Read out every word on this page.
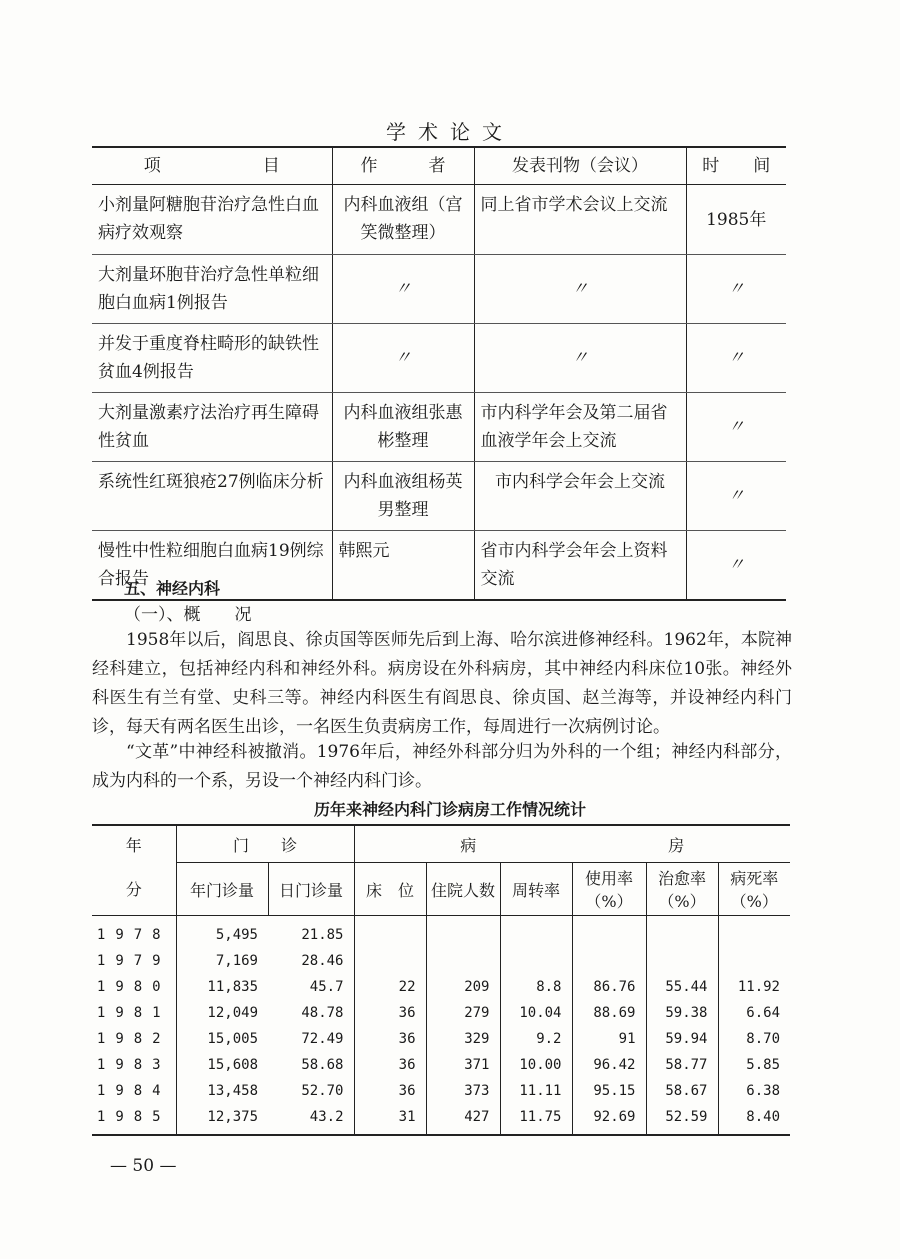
学术论文
项　　　　　　目	作　　　者	发表刊物（会议）	时　　间
小剂量阿糖胞苷治疗急性白血病疗效观察	内科血液组（宫笑微整理）	同上省市学术会议上交流	1985年
大剂量环胞苷治疗急性单粒细胞白血病1例报告	〃	〃	〃
并发于重度脊柱畸形的缺铁性贫血4例报告	〃	〃	〃
大剂量激素疗法治疗再生障碍性贫血	内科血液组张惠彬整理	市内科学年会及第二届省血液学年会上交流	〃
系统性红斑狼疮27例临床分析	内科血液组杨英男整理	市内科学会年会上交流	〃
慢性中性粒细胞白血病19例综合报告	韩熙元	省市内科学会年会上资料交流	〃
五、神经内科
（一）、概　　况
1958年以后，阎思良、徐贞国等医师先后到上海、哈尔滨进修神经科。1962年，本院神经科建立，包括神经内科和神经外科。病房设在外科病房，其中神经内科床位10张。神经外科医生有兰有堂、史科三等。神经内科医生有阎思良、徐贞国、赵兰海等，并设神经内科门诊，每天有两名医生出诊，一名医生负责病房工作，每周进行一次病例讨论。
“文革”中神经科被撤消。1976年后，神经外科部分归为外科的一个组；神经内科部分，成为内科的一个系，另设一个神经内科门诊。
历年来神经内科门诊病房工作情况统计
年	门　　诊		病　　　　　　　　　　　　房					
分	年门诊量	日门诊量	床　位	住院人数	周转率	使用率（%）	治愈率（%）	病死率（%）
1978	5,495	21.85						
1979	7,169	28.46						
1980	11,835	45.7	22	209	8.8	86.76	55.44	11.92
1981	12,049	48.78	36	279	10.04	88.69	59.38	6.64
1982	15,005	72.49	36	329	9.2	91	59.94	8.70
1983	15,608	58.68	36	371	10.00	96.42	58.77	5.85
1984	13,458	52.70	36	373	11.11	95.15	58.67	6.38
1985	12,375	43.2	31	427	11.75	92.69	52.59	8.40
— 50 —
